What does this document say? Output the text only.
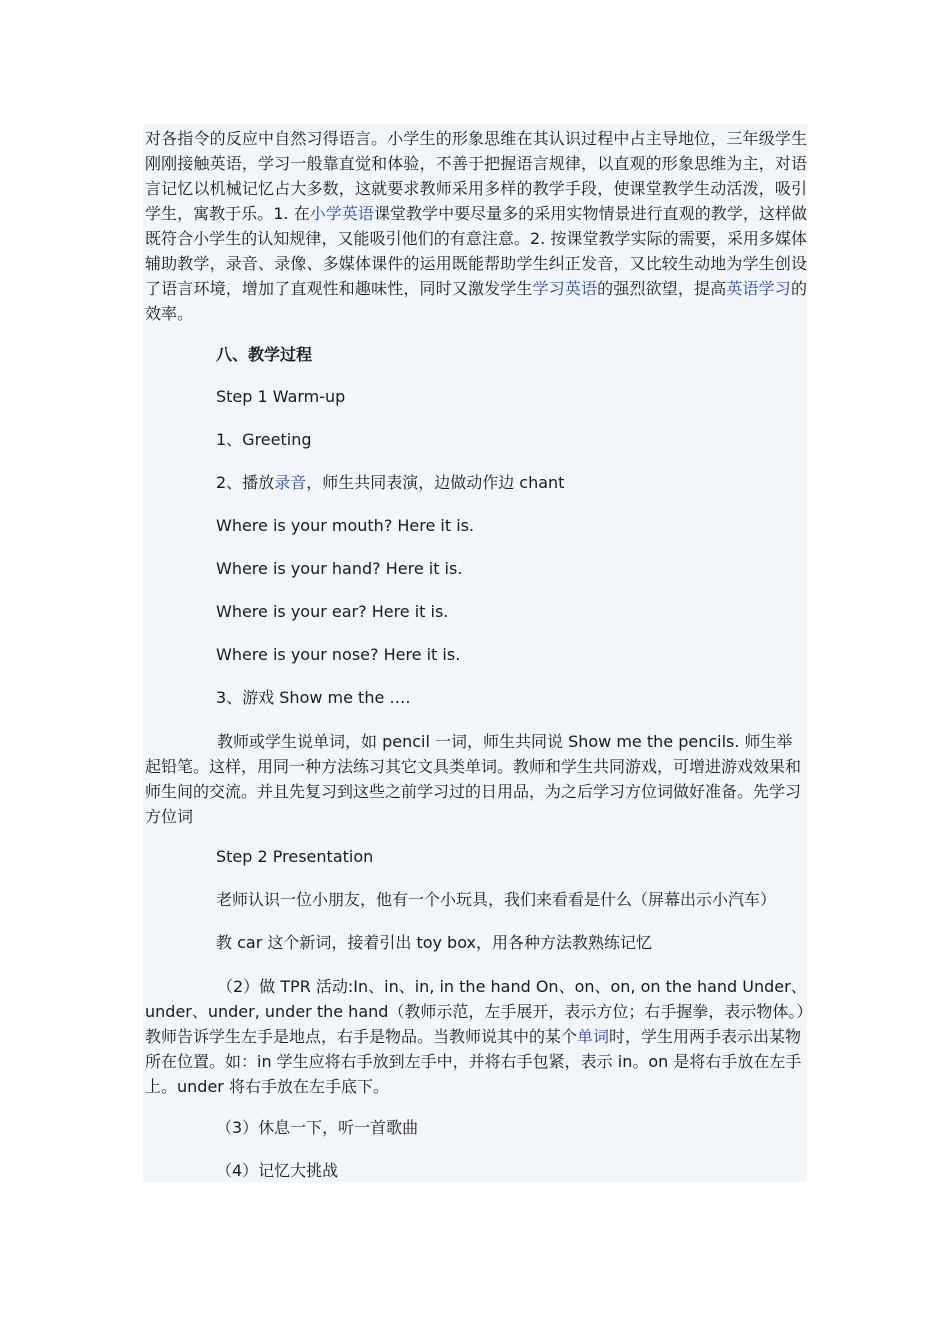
对各指令的反应中自然习得语言。小学生的形象思维在其认识过程中占主导地位，三年级学生刚刚接触英语，学习一般靠直觉和体验，不善于把握语言规律，以直观的形象思维为主，对语言记忆以机械记忆占大多数，这就要求教师采用多样的教学手段，使课堂教学生动活泼，吸引学生，寓教于乐。1. 在小学英语课堂教学中要尽量多的采用实物情景进行直观的教学，这样做既符合小学生的认知规律，又能吸引他们的有意注意。2. 按课堂教学实际的需要，采用多媒体辅助教学，录音、录像、多媒体课件的运用既能帮助学生纠正发音，又比较生动地为学生创设了语言环境，增加了直观性和趣味性，同时又激发学生学习英语的强烈欲望，提高英语学习的效率。

八、教学过程
Step 1 Warm-up
1、Greeting
2、播放录音，师生共同表演，边做动作边 chant
Where is your mouth? Here it is.
Where is your hand? Here it is.
Where is your ear? Here it is.
Where is your nose? Here it is.
3、游戏 Show me the ….

教师或学生说单词，如 pencil 一词，师生共同说 Show me the pencils. 师生举起铅笔。这样，用同一种方法练习其它文具类单词。教师和学生共同游戏，可增进游戏效果和师生间的交流。并且先复习到这些之前学习过的日用品，为之后学习方位词做好准备。先学习方位词

Step 2 Presentation
老师认识一位小朋友，他有一个小玩具，我们来看看是什么（屏幕出示小汽车）
教 car 这个新词，接着引出 toy box，用各种方法教熟练记忆

（2）做 TPR 活动:In、in、in, in the hand On、on、on, on the hand Under、under、under, under the hand（教师示范，左手展开，表示方位；右手握拳，表示物体。）教师告诉学生左手是地点，右手是物品。当教师说其中的某个单词时，学生用两手表示出某物所在位置。如：in 学生应将右手放到左手中，并将右手包紧，表示 in。on 是将右手放在左手上。under 将右手放在左手底下。

（3）休息一下，听一首歌曲
（4）记忆大挑战
